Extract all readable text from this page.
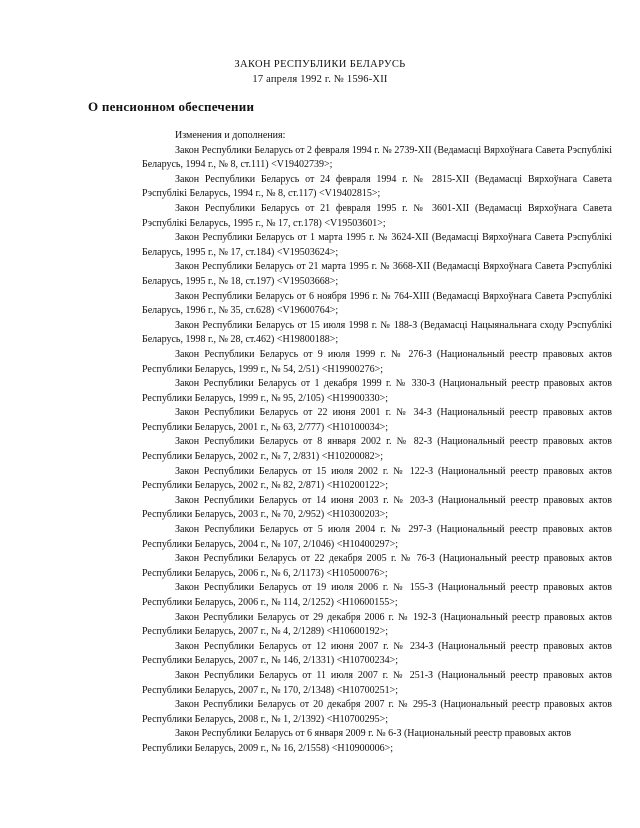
ЗАКОН РЕСПУБЛИКИ БЕЛАРУСЬ
17 апреля 1992 г. № 1596-XII
О пенсионном обеспечении

Изменения и дополнения:

Закон Республики Беларусь от 2 февраля 1994 г. № 2739-XII (Ведамасці Вярхоўнага Савета Рэспублікі Беларусь, 1994 г., № 8, ст.111) <V19402739>;

Закон Республики Беларусь от 24 февраля 1994 г. № 2815-XII (Ведамасці Вярхоўнага Савета Рэспублікі Беларусь, 1994 г., № 8, ст.117) <V19402815>;

Закон Республики Беларусь от 21 февраля 1995 г. № 3601-XII (Ведамасці Вярхоўнага Савета Рэспублікі Беларусь, 1995 г., № 17, ст.178) <V19503601>;

Закон Республики Беларусь от 1 марта 1995 г. № 3624-XII (Ведамасці Вярхоўнага Савета Рэспублікі Беларусь, 1995 г., № 17, ст.184) <V19503624>;

Закон Республики Беларусь от 21 марта 1995 г. № 3668-XII (Ведамасці Вярхоўнага Савета Рэспублікі Беларусь, 1995 г., № 18, ст.197) <V19503668>;

Закон Республики Беларусь от 6 ноября 1996 г. № 764-XIII (Ведамасці Вярхоўнага Савета Рэспублікі Беларусь, 1996 г., № 35, ст.628) <V19600764>;

Закон Республики Беларусь от 15 июля 1998 г. № 188-З (Ведамасці Нацыянальнага сходу Рэспублікі Беларусь, 1998 г., № 28, ст.462) <H19800188>;

Закон Республики Беларусь от 9 июля 1999 г. № 276-З (Национальный реестр правовых актов Республики Беларусь, 1999 г., № 54, 2/51) <H19900276>;

Закон Республики Беларусь от 1 декабря 1999 г. № 330-З (Национальный реестр правовых актов Республики Беларусь, 1999 г., № 95, 2/105) <H19900330>;

Закон Республики Беларусь от 22 июня 2001 г. № 34-З (Национальный реестр правовых актов Республики Беларусь, 2001 г., № 63, 2/777) <H10100034>;

Закон Республики Беларусь от 8 января 2002 г. № 82-З (Национальный реестр правовых актов Республики Беларусь, 2002 г., № 7, 2/831) <H10200082>;

Закон Республики Беларусь от 15 июля 2002 г. № 122-З (Национальный реестр правовых актов Республики Беларусь, 2002 г., № 82, 2/871) <H10200122>;

Закон Республики Беларусь от 14 июня 2003 г. № 203-З (Национальный реестр правовых актов Республики Беларусь, 2003 г., № 70, 2/952) <H10300203>;

Закон Республики Беларусь от 5 июля 2004 г. № 297-З (Национальный реестр правовых актов Республики Беларусь, 2004 г., № 107, 2/1046) <H10400297>;

Закон Республики Беларусь от 22 декабря 2005 г. № 76-З (Национальный реестр правовых актов Республики Беларусь, 2006 г., № 6, 2/1173) <H10500076>;

Закон Республики Беларусь от 19 июля 2006 г. № 155-З (Национальный реестр правовых актов Республики Беларусь, 2006 г., № 114, 2/1252) <H10600155>;

Закон Республики Беларусь от 29 декабря 2006 г. № 192-З (Национальный реестр правовых актов Республики Беларусь, 2007 г., № 4, 2/1289) <H10600192>;

Закон Республики Беларусь от 12 июня 2007 г. № 234-З (Национальный реестр правовых актов Республики Беларусь, 2007 г., № 146, 2/1331) <H10700234>;

Закон Республики Беларусь от 11 июля 2007 г. № 251-З (Национальный реестр правовых актов Республики Беларусь, 2007 г., № 170, 2/1348) <H10700251>;

Закон Республики Беларусь от 20 декабря 2007 г. № 295-З (Национальный реестр правовых актов Республики Беларусь, 2008 г., № 1, 2/1392) <H10700295>;

Закон Республики Беларусь от 6 января 2009 г. № 6-З (Национальный реестр правовых актов Республики Беларусь, 2009 г., № 16, 2/1558) <H10900006>;
